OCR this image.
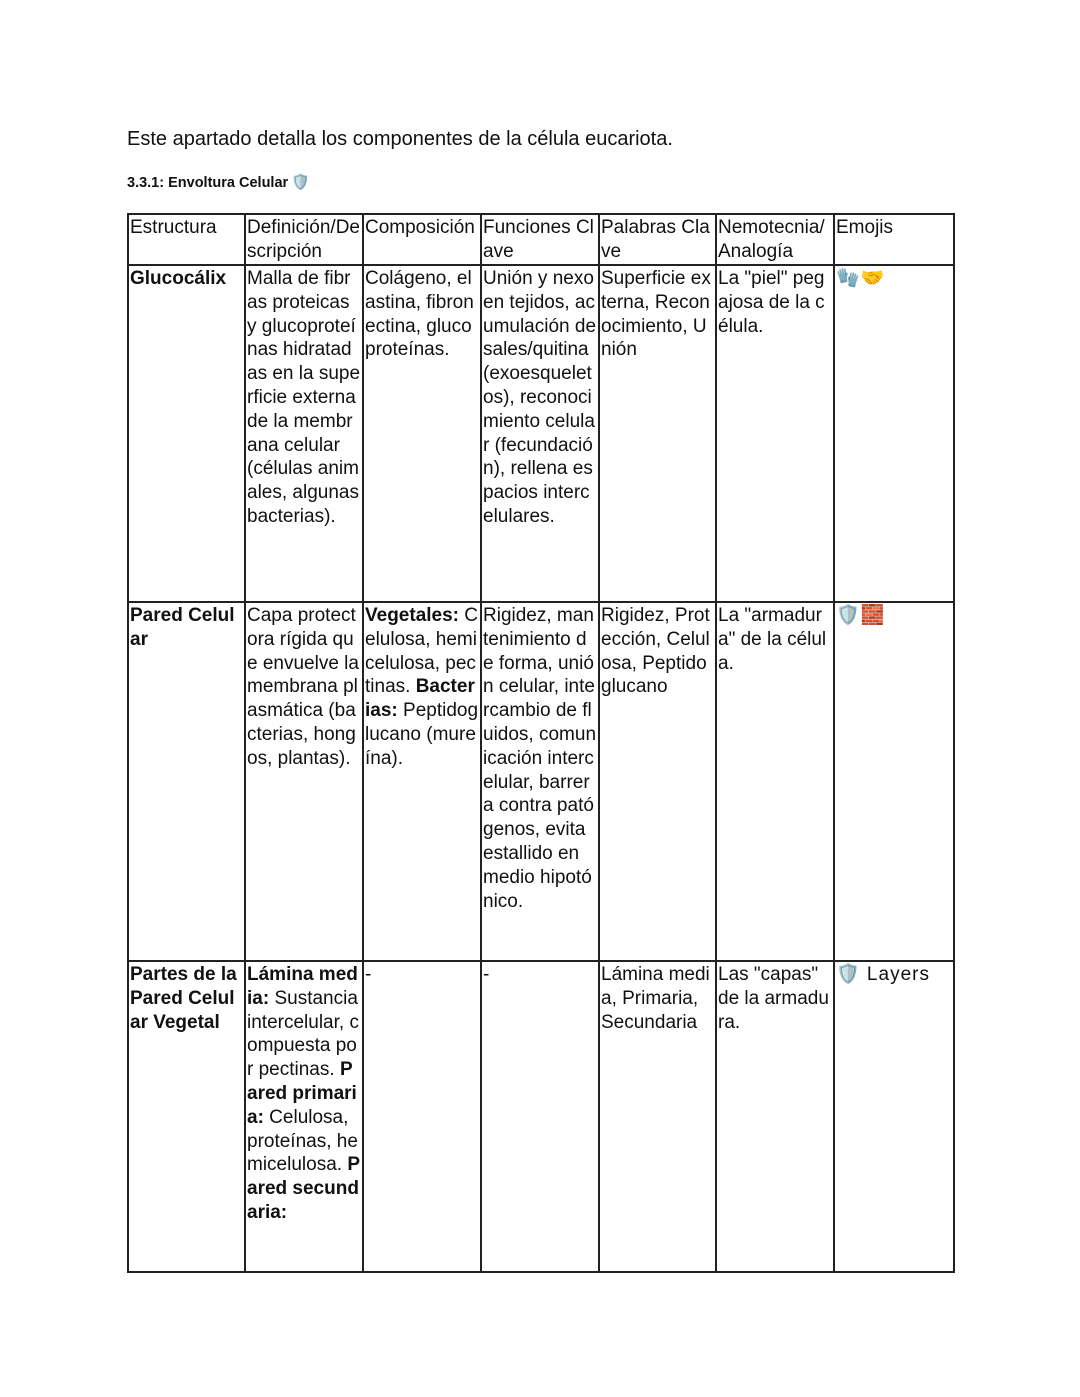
Este apartado detalla los componentes de la célula eucariota.

3.3.1: Envoltura Celular 🛡️

Estructura	Definición/Descripción	Composición	Funciones Clave	Palabras Clave	Nemotecnia/ Analogía	Emojis
Glucocálix	Malla de fibras proteicas y glucoproteínas hidratadas en la superficie externa de la membrana celular (células animales, algunas bacterias).	Colágeno, elastina, fibronectina, glucoproteínas.	Unión y nexo en tejidos, acumulación de sales/quitina (exoesqueletos), reconocimiento celular (fecundación), rellena espacios intercelulares.	Superficie externa, Reconocimiento, Unión	La "piel" pegajosa de la célula.	🧤🤝
Pared Celular	Capa protectora rígida que envuelve la membrana plasmática (bacterias, hongos, plantas).	Vegetales: Celulosa, hemicelulosa, pectinas. Bacterias: Peptidoglucano (mureína).	Rigidez, mantenimiento de forma, unión celular, intercambio de fluidos, comunicación intercelular, barrera contra patógenos, evita estallido en medio hipotónico.	Rigidez, Protección, Celulosa, Peptidoglucano	La "armadura" de la célula.	🛡️🧱
Partes de la Pared Celular Vegetal	Lámina media: Sustancia intercelular, compuesta por pectinas. Pared primaria: Celulosa, proteínas, hemicelulosa. Pared secundaria:	-	-	Lámina media, Primaria, Secundaria	Las "capas" de la armadura.	🛡️ Layers
